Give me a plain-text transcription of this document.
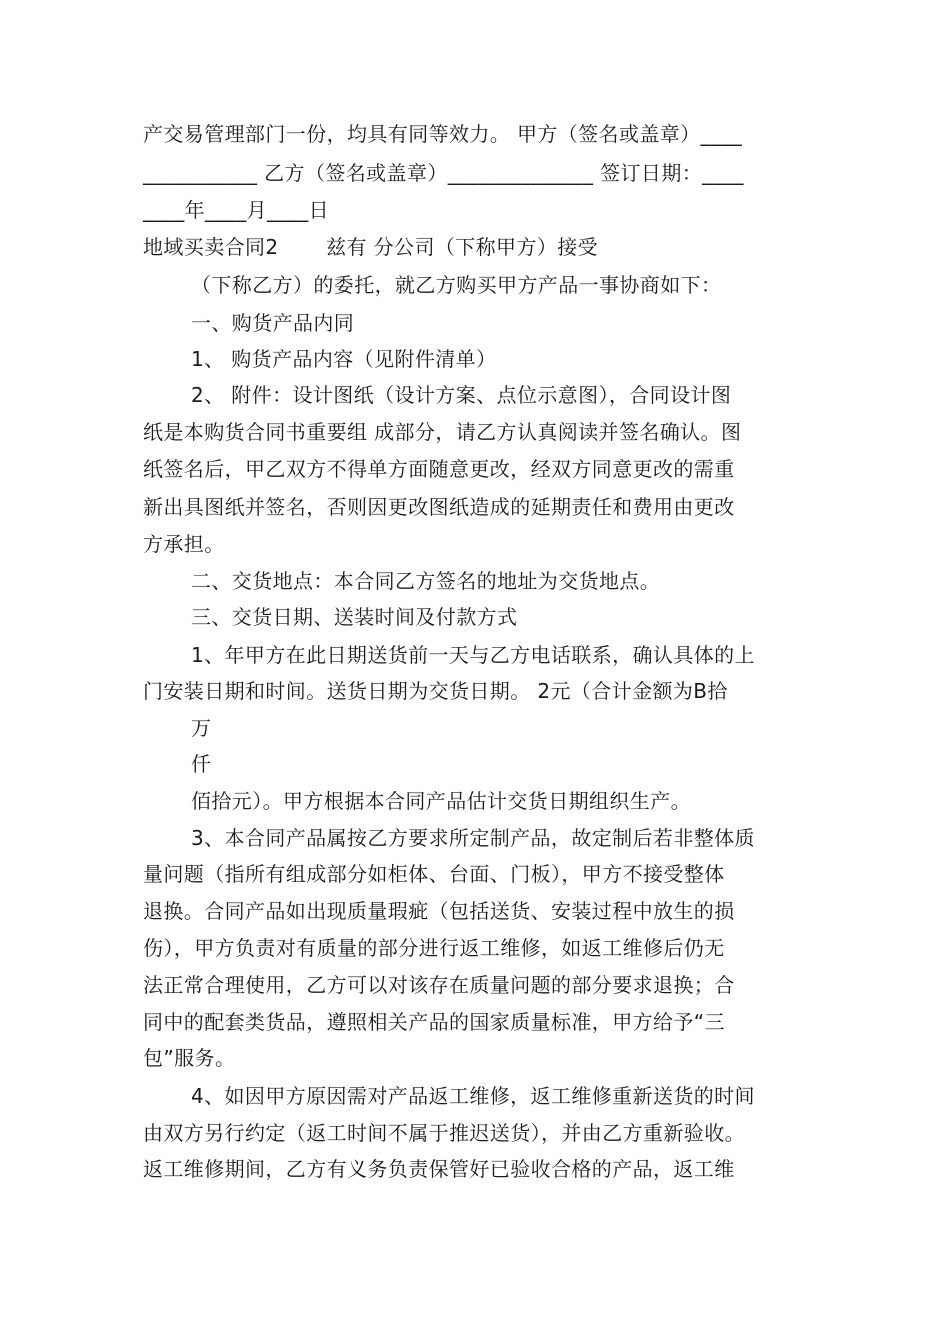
产交易管理部门一份，均具有同等效力。 甲方（签名或盖章）____
___________ 乙方（签名或盖章）______________ 签订日期：____
____年____月____日
地域买卖合同2 　　兹有 分公司（下称甲方）接受
（下称乙方）的委托，就乙方购买甲方产品一事协商如下：
一、购货产品内同
1、 购货产品内容（见附件清单）
2、 附件：设计图纸（设计方案、点位示意图），合同设计图
纸是本购货合同书重要组 成部分，请乙方认真阅读并签名确认。图
纸签名后，甲乙双方不得单方面随意更改，经双方同意更改的需重
新出具图纸并签名，否则因更改图纸造成的延期责任和费用由更改
方承担。
二、交货地点：本合同乙方签名的地址为交货地点。
三、交货日期、送装时间及付款方式
1、年甲方在此日期送货前一天与乙方电话联系，确认具体的上
门安装日期和时间。送货日期为交货日期。 2元（合计金额为B拾
万
仟
佰拾元）。甲方根据本合同产品估计交货日期组织生产。
3、本合同产品属按乙方要求所定制产品，故定制后若非整体质
量问题（指所有组成部分如柜体、台面、门板），甲方不接受整体
退换。合同产品如出现质量瑕疵（包括送货、安装过程中放生的损
伤），甲方负责对有质量的部分进行返工维修，如返工维修后仍无
法正常合理使用，乙方可以对该存在质量问题的部分要求退换；合
同中的配套类货品，遵照相关产品的国家质量标准，甲方给予“三
包”服务。
4、如因甲方原因需对产品返工维修，返工维修重新送货的时间
由双方另行约定（返工时间不属于推迟送货），并由乙方重新验收。
返工维修期间，乙方有义务负责保管好已验收合格的产品，返工维
